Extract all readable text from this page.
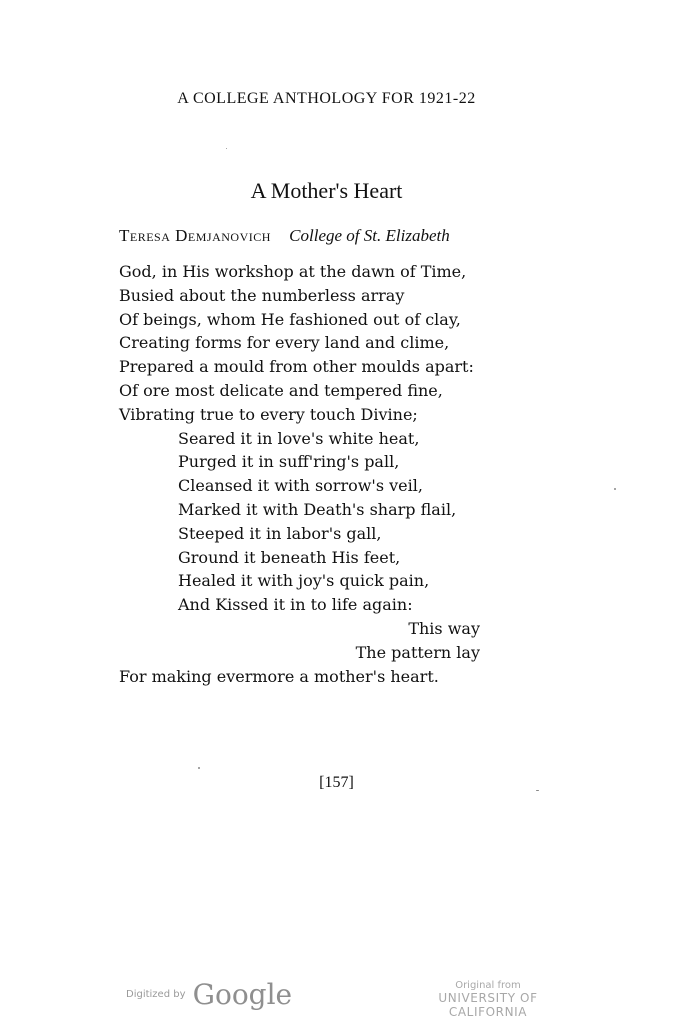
A COLLEGE ANTHOLOGY FOR 1921-22
A Mother's Heart
Teresa Demjanovich College of St. Elizabeth
God, in His workshop at the dawn of Time,
Busied about the numberless array
Of beings, whom He fashioned out of clay,
Creating forms for every land and clime,
Prepared a mould from other moulds apart:
Of ore most delicate and tempered fine,
Vibrating true to every touch Divine;
Seared it in love's white heat,
Purged it in suff'ring's pall,
Cleansed it with sorrow's veil,
Marked it with Death's sharp flail,
Steeped it in labor's gall,
Ground it beneath His feet,
Healed it with joy's quick pain,
And Kissed it in to life again:
This way
The pattern lay
For making evermore a mother's heart.
[157]
Digitized by Google	Original from
UNIVERSITY OF CALIFORNIA
